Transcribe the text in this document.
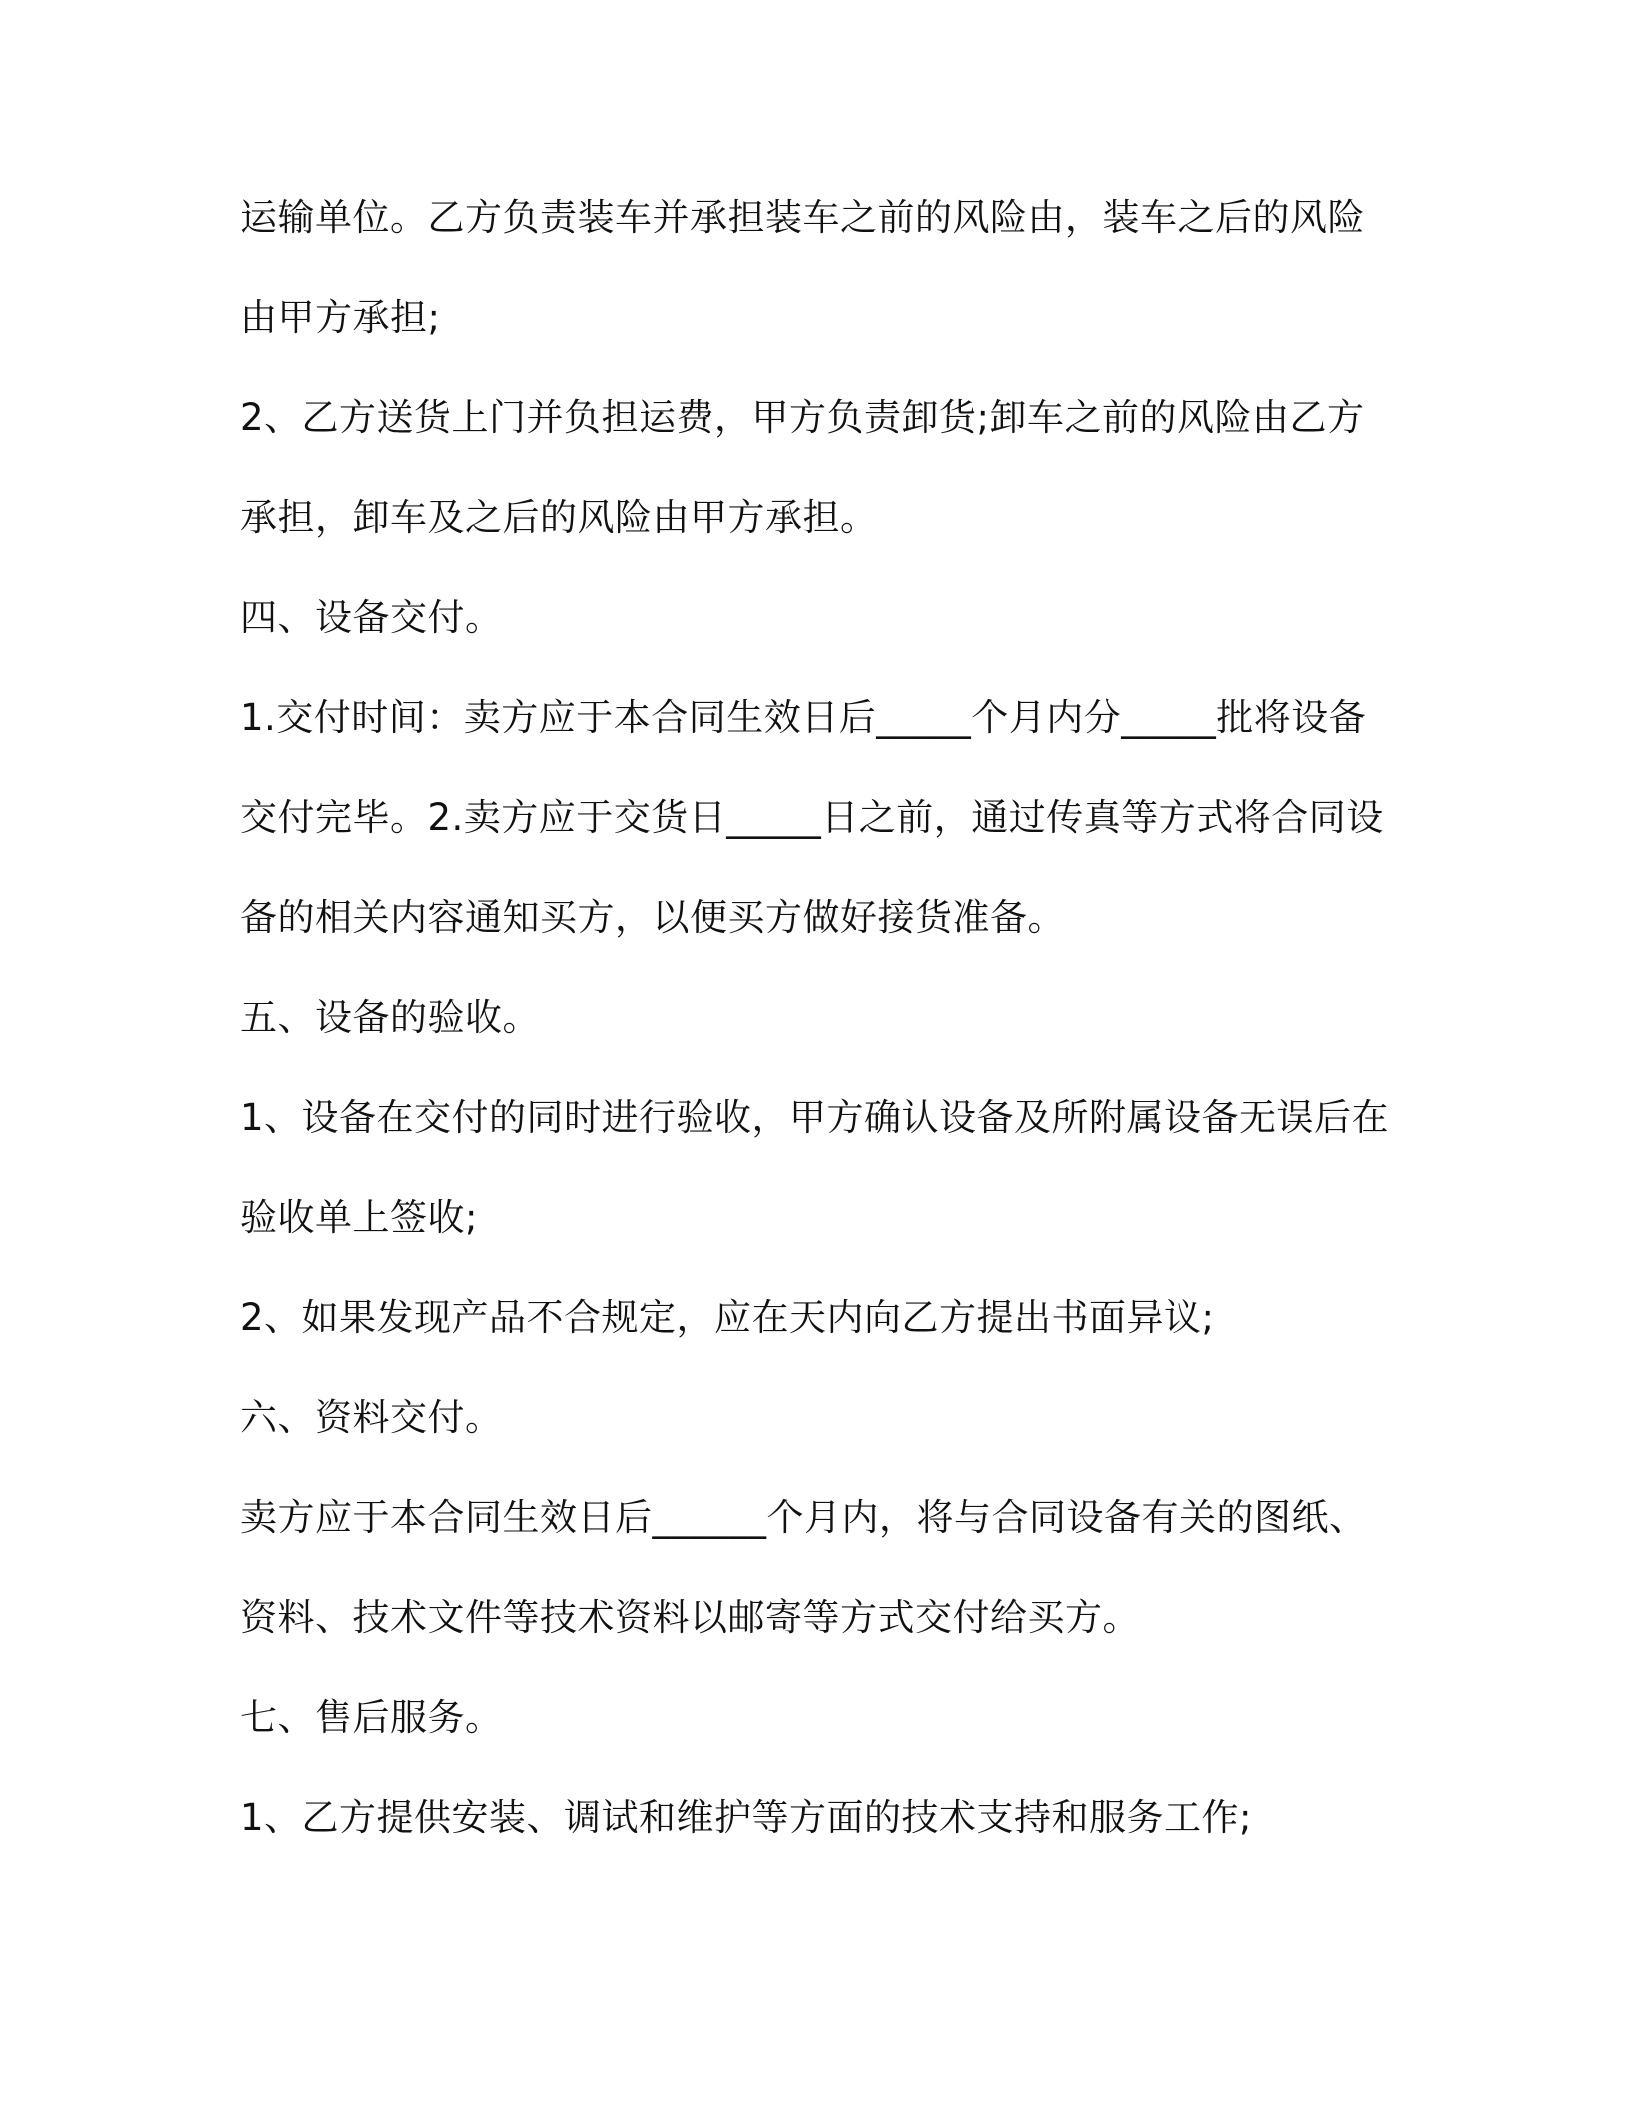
运输单位。乙方负责装车并承担装车之前的风险由，装车之后的风险
由甲方承担;
2、乙方送货上门并负担运费，甲方负责卸货;卸车之前的风险由乙方
承担，卸车及之后的风险由甲方承担。
四、设备交付。
1.交付时间：卖方应于本合同生效日后_____个月内分_____批将设备
交付完毕。2.卖方应于交货日_____日之前，通过传真等方式将合同设
备的相关内容通知买方，以便买方做好接货准备。
五、设备的验收。
1、设备在交付的同时进行验收，甲方确认设备及所附属设备无误后在
验收单上签收;
2、如果发现产品不合规定，应在天内向乙方提出书面异议;
六、资料交付。
卖方应于本合同生效日后______个月内，将与合同设备有关的图纸、
资料、技术文件等技术资料以邮寄等方式交付给买方。
七、售后服务。
1、乙方提供安装、调试和维护等方面的技术支持和服务工作;
